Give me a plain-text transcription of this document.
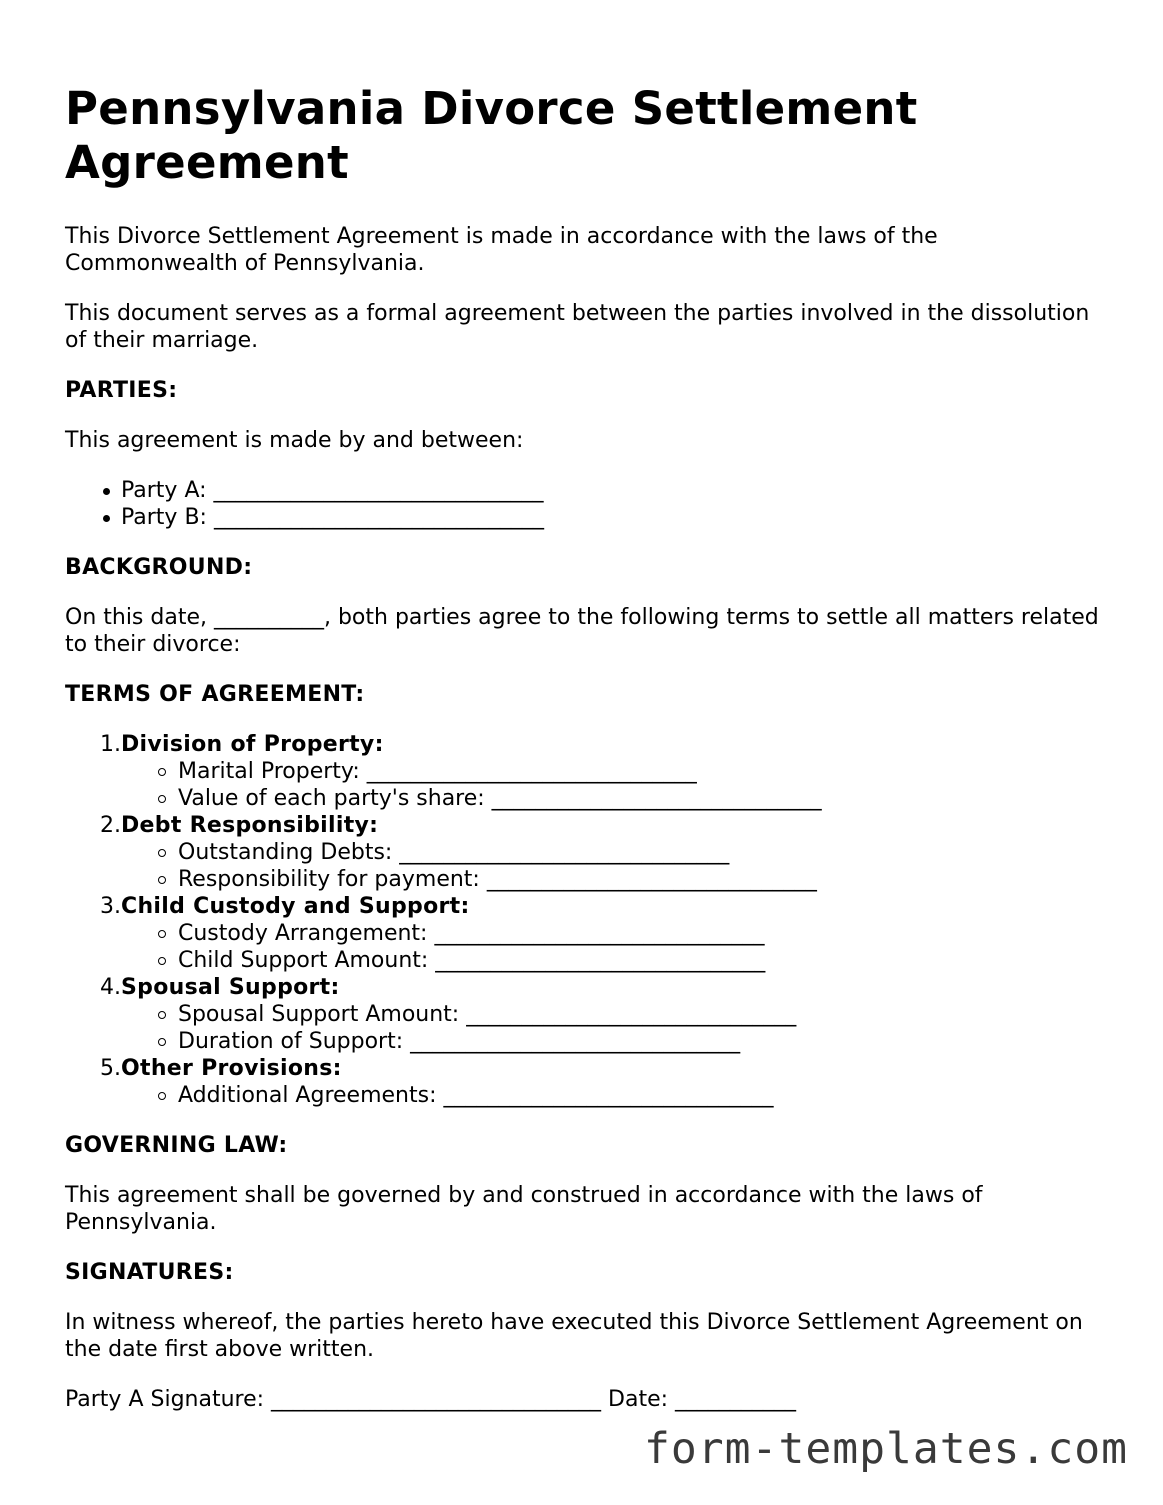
Pennsylvania Divorce Settlement Agreement

This Divorce Settlement Agreement is made in accordance with the laws of the Commonwealth of Pennsylvania.

This document serves as a formal agreement between the parties involved in the dissolution of their marriage.

PARTIES:

This agreement is made by and between:

Party A: ______________________________
Party B: ______________________________
BACKGROUND:

On this date, __________, both parties agree to the following terms to settle all matters related to their divorce:

TERMS OF AGREEMENT:
1. Division of Property:
Marital Property: ______________________________
Value of each party's share: ______________________________
2. Debt Responsibility:
Outstanding Debts: ______________________________
Responsibility for payment: ______________________________
3. Child Custody and Support:
Custody Arrangement: ______________________________
Child Support Amount: ______________________________
4. Spousal Support:
Spousal Support Amount: ______________________________
Duration of Support: ______________________________
5. Other Provisions:
Additional Agreements: ______________________________
GOVERNING LAW:

This agreement shall be governed by and construed in accordance with the laws of Pennsylvania.

SIGNATURES:

In witness whereof, the parties hereto have executed this Divorce Settlement Agreement on the date first above written.

Party A Signature: ______________________________ Date: ___________
form-templates.com
